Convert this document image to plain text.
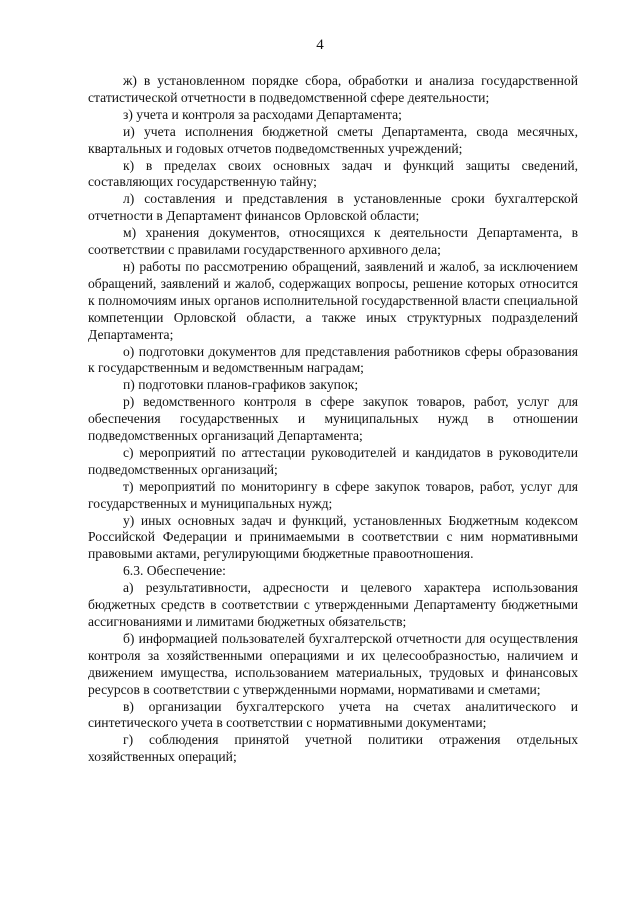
4

ж) в установленном порядке сбора, обработки и анализа государственной статистической отчетности в подведомственной сфере деятельности;

з) учета и контроля за расходами Департамента;

и) учета исполнения бюджетной сметы Департамента, свода месячных, квартальных и годовых отчетов подведомственных учреждений;

к) в пределах своих основных задач и функций защиты сведений, составляющих государственную тайну;

л) составления и представления в установленные сроки бухгалтерской отчетности в Департамент финансов Орловской области;

м) хранения документов, относящихся к деятельности Департамента, в соответствии с правилами государственного архивного дела;

н) работы по рассмотрению обращений, заявлений и жалоб, за исключением обращений, заявлений и жалоб, содержащих вопросы, решение которых относится к полномочиям иных органов исполнительной государственной власти специальной компетенции Орловской области, а также иных структурных подразделений Департамента;

о) подготовки документов для представления работников сферы образования к государственным и ведомственным наградам;

п) подготовки планов-графиков закупок;

р) ведомственного контроля в сфере закупок товаров, работ, услуг для обеспечения государственных и муниципальных нужд в отношении подведомственных организаций Департамента;

с) мероприятий по аттестации руководителей и кандидатов в руководители подведомственных организаций;

т) мероприятий по мониторингу в сфере закупок товаров, работ, услуг для государственных и муниципальных нужд;

у) иных основных задач и функций, установленных Бюджетным кодексом Российской Федерации и принимаемыми в соответствии с ним нормативными правовыми актами, регулирующими бюджетные правоотношения.

6.3. Обеспечение:

а) результативности, адресности и целевого характера использования бюджетных средств в соответствии с утвержденными Департаменту бюджетными ассигнованиями и лимитами бюджетных обязательств;

б) информацией пользователей бухгалтерской отчетности для осуществления контроля за хозяйственными операциями и их целесообразностью, наличием и движением имущества, использованием материальных, трудовых и финансовых ресурсов в соответствии с утвержденными нормами, нормативами и сметами;

в) организации бухгалтерского учета на счетах аналитического и синтетического учета в соответствии с нормативными документами;

г) соблюдения принятой учетной политики отражения отдельных хозяйственных операций;
